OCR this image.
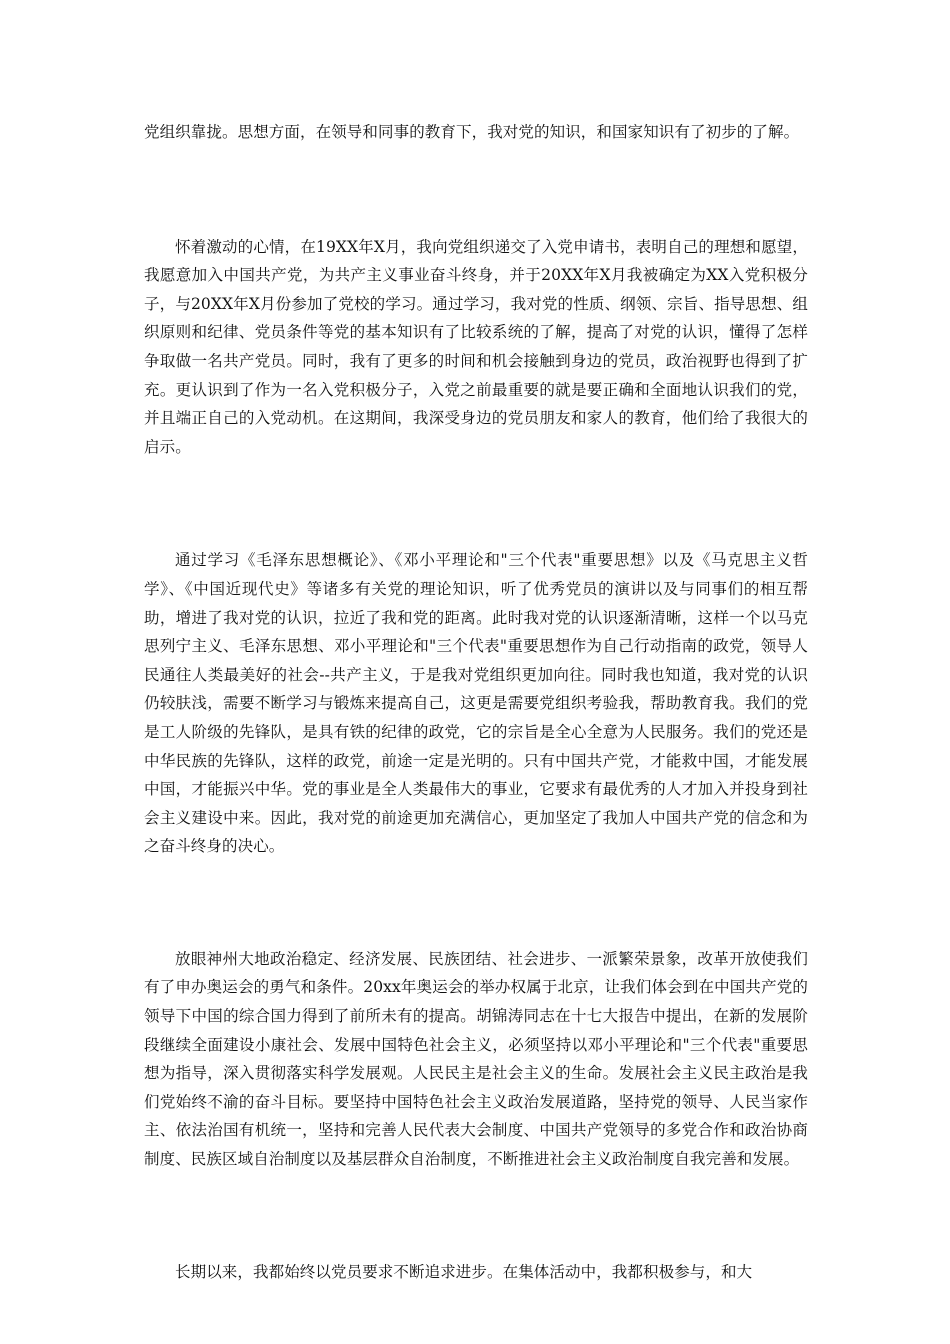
党组织靠拢。思想方面，在领导和同事的教育下，我对党的知识，和国家知识有了初步的了解。

怀着激动的心情，在19XX年X月，我向党组织递交了入党申请书，表明自己的理想和愿望，我愿意加入中国共产党，为共产主义事业奋斗终身，并于20XX年X月我被确定为XX入党积极分子，与20XX年X月份参加了党校的学习。通过学习，我对党的性质、纲领、宗旨、指导思想、组织原则和纪律、党员条件等党的基本知识有了比较系统的了解，提高了对党的认识，懂得了怎样争取做一名共产党员。同时，我有了更多的时间和机会接触到身边的党员，政治视野也得到了扩充。更认识到了作为一名入党积极分子，入党之前最重要的就是要正确和全面地认识我们的党，并且端正自己的入党动机。在这期间，我深受身边的党员朋友和家人的教育，他们给了我很大的启示。

通过学习《毛泽东思想概论》、《邓小平理论和"三个代表"重要思想》以及《马克思主义哲学》、《中国近现代史》等诸多有关党的理论知识，听了优秀党员的演讲以及与同事们的相互帮助，增进了我对党的认识，拉近了我和党的距离。此时我对党的认识逐渐清晰，这样一个以马克思列宁主义、毛泽东思想、邓小平理论和"三个代表"重要思想作为自己行动指南的政党，领导人民通往人类最美好的社会--共产主义，于是我对党组织更加向往。同时我也知道，我对党的认识仍较肤浅，需要不断学习与锻炼来提高自己，这更是需要党组织考验我，帮助教育我。我们的党是工人阶级的先锋队，是具有铁的纪律的政党，它的宗旨是全心全意为人民服务。我们的党还是中华民族的先锋队，这样的政党，前途一定是光明的。只有中国共产党，才能救中国，才能发展中国，才能振兴中华。党的事业是全人类最伟大的事业，它要求有最优秀的人才加入并投身到社会主义建设中来。因此，我对党的前途更加充满信心，更加坚定了我加人中国共产党的信念和为之奋斗终身的决心。

放眼神州大地政治稳定、经济发展、民族团结、社会进步、一派繁荣景象，改革开放使我们有了申办奥运会的勇气和条件。20xx年奥运会的举办权属于北京，让我们体会到在中国共产党的领导下中国的综合国力得到了前所未有的提高。胡锦涛同志在十七大报告中提出，在新的发展阶段继续全面建设小康社会、发展中国特色社会主义，必须坚持以邓小平理论和"三个代表"重要思想为指导，深入贯彻落实科学发展观。人民民主是社会主义的生命。发展社会主义民主政治是我们党始终不渝的奋斗目标。要坚持中国特色社会主义政治发展道路，坚持党的领导、人民当家作主、依法治国有机统一，坚持和完善人民代表大会制度、中国共产党领导的多党合作和政治协商制度、民族区域自治制度以及基层群众自治制度，不断推进社会主义政治制度自我完善和发展。

长期以来，我都始终以党员要求不断追求进步。在集体活动中，我都积极参与，和大
